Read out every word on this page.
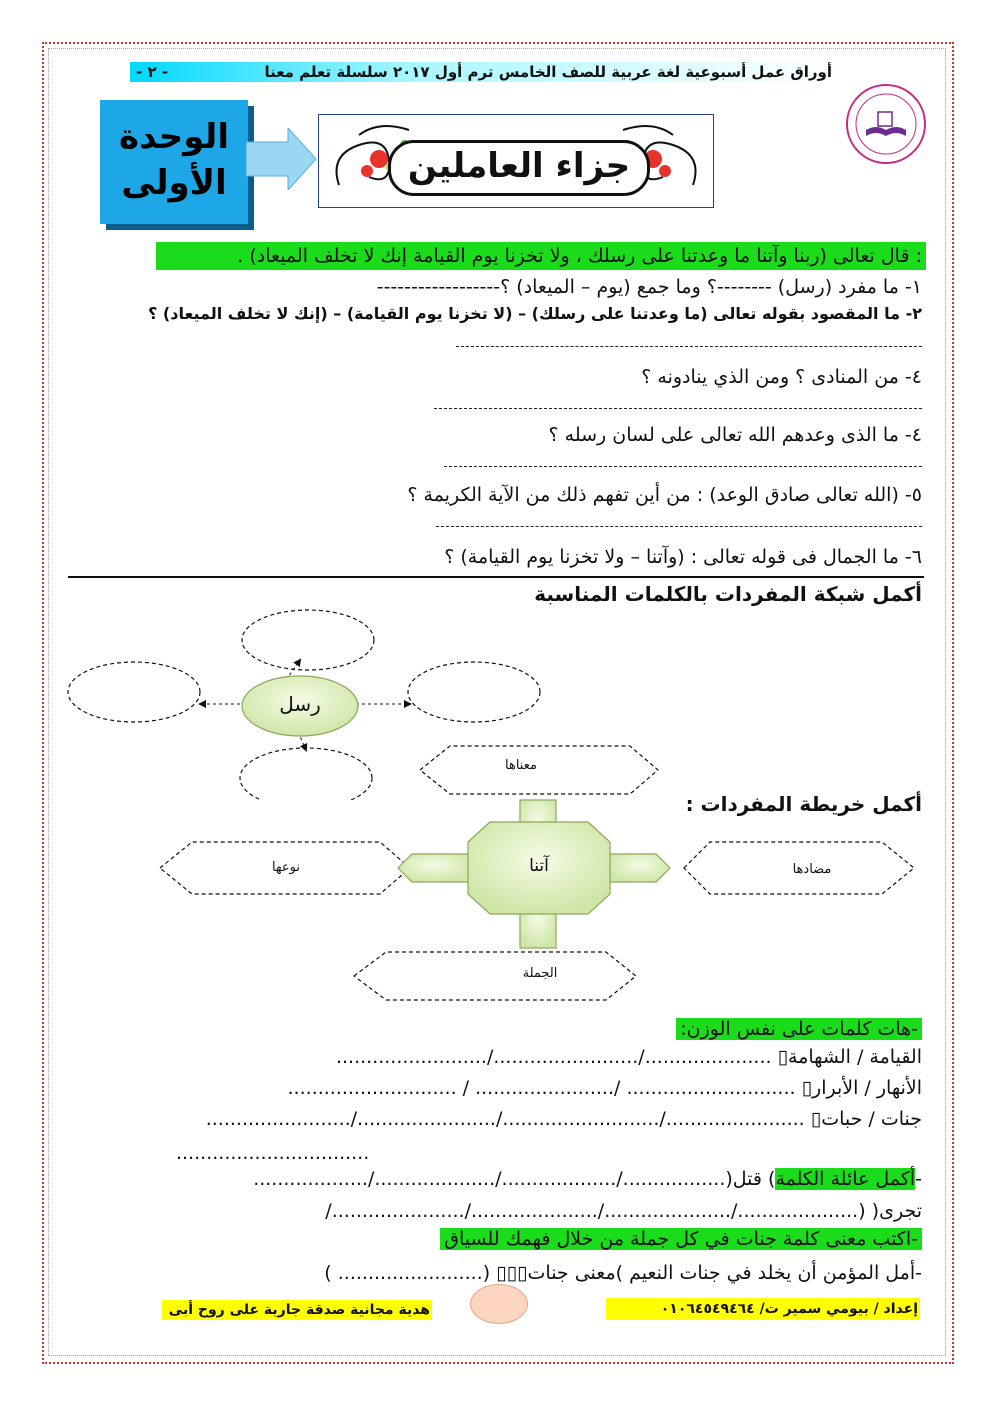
أوراق عمل أسبوعية لغة عربية للصف الخامس ترم أول ٢٠١٧ سلسلة تعلم معنا
- ٢ -
الوحدة
الأولى	جزاء العاملين
: قال تعالى (ربنا وآتنا ما وعدتنا على رسلك ، ولا تخزنا يوم القيامة إنك لا تخلف الميعاد) .
١- ما مفرد (رسل) --------؟ وما جمع (يوم – الميعاد) ؟------------------
٢- ما المقصود بقوله تعالى (ما وعدتنا على رسلك) – (لا تخزنا يوم القيامة) – (إنك لا تخلف الميعاد) ؟
٤- من المنادى ؟ ومن الذي ينادونه ؟
٤- ما الذى وعدهم الله تعالى على لسان رسله ؟
٥- (الله تعالى صادق الوعد) : من أين تفهم ذلك من الآية الكريمة ؟
٦- ما الجمال فى قوله تعالى : (وآتنا – ولا تخزنا يوم القيامة) ؟
أكمل شبكة المفردات بالكلمات المناسبة
رسل
أكمل خريطة المفردات :
معناها
نوعها	مضادها
الجملة
آتنا
-هات كلمات على نفس الوزن:
القيامة / الشهامة▯ ...................../......................../.........................
الأنهار / الأبرار▯ ............................ /....................... / ............................
جنات / حبات▯ ......................./........................../......................./........................
................................
-أكمل عائلة الكلمة) قتل(................./.................../..................../...................
تجرى( (..................../...................../...................../....................../
-اكتب معنى كلمة جنات في كل جملة من خلال فهمك للسياق
-أمل المؤمن أن يخلد في جنات النعيم )معنى جنات▯▯▯ (........................ )
هدية مجانية صدقة جارية على روح أبى	إعداد / بيومي سمير ت/ ٠١٠٦٤٥٤٩٤٦٤
